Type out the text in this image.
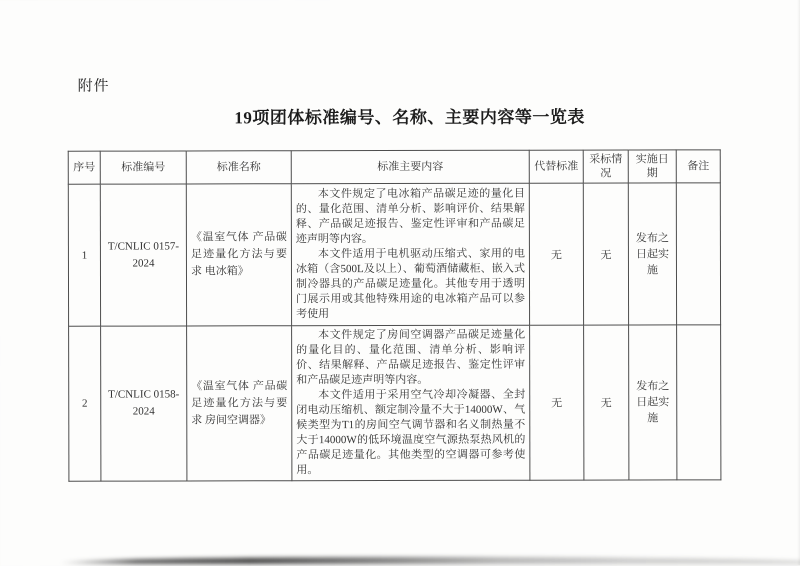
附件
19项团体标准编号、名称、主要内容等一览表
序号	标准编号	标准名称	标准主要内容	代替标准	采标情况	实施日期	备注
1	T/CNLIC 0157-2024	《温室气体 产品碳足迹量化方法与要求 电冰箱》	本文件规定了电冰箱产品碳足迹的量化目的、量化范围、清单分析、影响评价、结果解释、产品碳足迹报告、鉴定性评审和产品碳足迹声明等内容。

本文件适用于电机驱动压缩式、家用的电冰箱（含500L及以上）、葡萄酒储藏柜、嵌入式制冷器具的产品碳足迹量化。其他专用于透明门展示用或其他特殊用途的电冰箱产品可以参考使用	无	无	发布之日起实施	
2	T/CNLIC 0158-2024	《温室气体 产品碳足迹量化方法与要求 房间空调器》	本文件规定了房间空调器产品碳足迹量化的量化目的、量化范围、清单分析、影响评价、结果解释、产品碳足迹报告、鉴定性评审和产品碳足迹声明等内容。

本文件适用于采用空气冷却冷凝器、全封闭电动压缩机、额定制冷量不大于14000W、气候类型为T1的房间空气调节器和名义制热量不大于14000W的低环境温度空气源热泵热风机的产品碳足迹量化。其他类型的空调器可参考使用。	无	无	发布之日起实施	
